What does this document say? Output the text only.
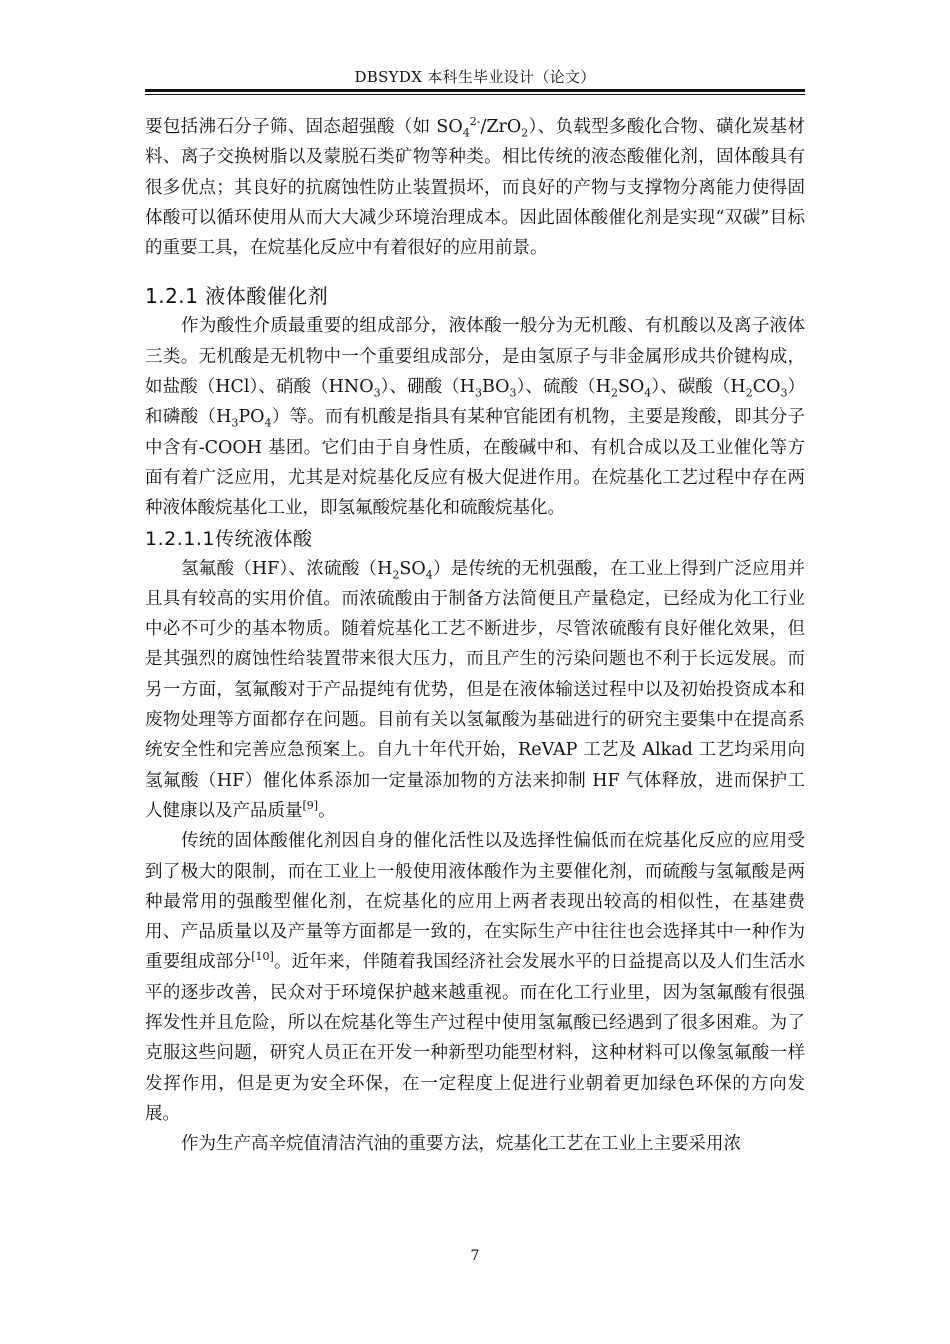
DBSYDX 本科生毕业设计（论文）

要包括沸石分子筛、固态超强酸（如 $SO_4^{2-}/ZrO_2$）、负载型多酸化合物、磺化炭基材料、离子交换树脂以及蒙脱石类矿物等种类。相比传统的液态酸催化剂，固体酸具有很多优点；其良好的抗腐蚀性防止装置损坏，而良好的产物与支撑物分离能力使得固体酸可以循环使用从而大大减少环境治理成本。因此固体酸催化剂是实现“双碳”目标的重要工具，在烷基化反应中有着很好的应用前景。

1.2.1 液体酸催化剂

作为酸性介质最重要的组成部分，液体酸一般分为无机酸、有机酸以及离子液体三类。无机酸是无机物中一个重要组成部分，是由氢原子与非金属形成共价键构成，如盐酸（HCl）、硝酸$(HNO_3)$、硼酸$(H_3BO_3)$、硫酸$(H_2SO_4)$、碳酸$(H_2CO_3)$和磷酸$(H_3PO_4)$等。而有机酸是指具有某种官能团有机物，主要是羧酸，即其分子中含有-COOH 基团。它们由于自身性质，在酸碱中和、有机合成以及工业催化等方面有着广泛应用，尤其是对烷基化反应有极大促进作用。在烷基化工艺过程中存在两种液体酸烷基化工业，即氢氟酸烷基化和硫酸烷基化。

1.2.1.1传统液体酸

氢氟酸（HF）、浓硫酸$(H_2SO_4)$是传统的无机强酸，在工业上得到广泛应用并且具有较高的实用价值。而浓硫酸由于制备方法简便且产量稳定，已经成为化工行业中必不可少的基本物质。随着烷基化工艺不断进步，尽管浓硫酸有良好催化效果，但是其强烈的腐蚀性给装置带来很大压力，而且产生的污染问题也不利于长远发展。而另一方面，氢氟酸对于产品提纯有优势，但是在液体输送过程中以及初始投资成本和废物处理等方面都存在问题。目前有关以氢氟酸为基础进行的研究主要集中在提高系统安全性和完善应急预案上。自九十年代开始，ReVAP 工艺及 Alkad 工艺均采用向氢氟酸（HF）催化体系添加一定量添加物的方法来抑制 HF 气体释放，进而保护工人健康以及产品质量[9]。

传统的固体酸催化剂因自身的催化活性以及选择性偏低而在烷基化反应的应用受到了极大的限制，而在工业上一般使用液体酸作为主要催化剂，而硫酸与氢氟酸是两种最常用的强酸型催化剂，在烷基化的应用上两者表现出较高的相似性，在基建费用、产品质量以及产量等方面都是一致的，在实际生产中往往也会选择其中一种作为重要组成部分[10]。近年来，伴随着我国经济社会发展水平的日益提高以及人们生活水平的逐步改善，民众对于环境保护越来越重视。而在化工行业里，因为氢氟酸有很强挥发性并且危险，所以在烷基化等生产过程中使用氢氟酸已经遇到了很多困难。为了克服这些问题，研究人员正在开发一种新型功能型材料，这种材料可以像氢氟酸一样发挥作用，但是更为安全环保，在一定程度上促进行业朝着更加绿色环保的方向发展。

作为生产高辛烷值清洁汽油的重要方法，烷基化工艺在工业上主要采用浓

7
